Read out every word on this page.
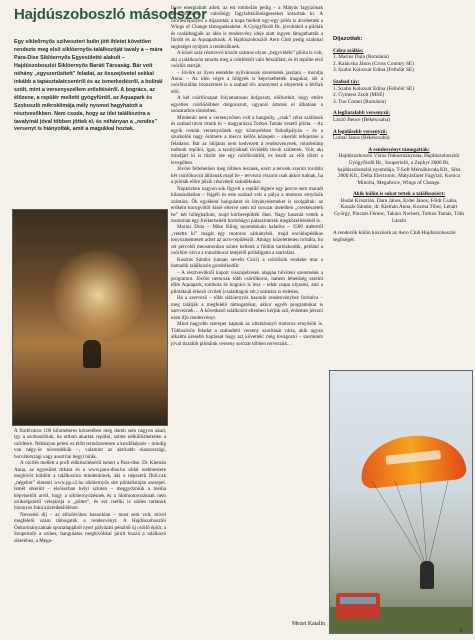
Hajdúszoboszló másodszor
Egy sikleőrnyős szilveszteri bulin jött ihletet követően rendezte meg első siklóernyős-találkozóját tavaly a – mára Para-Dise Siklóernyős Egyesületté alakult – Hajdúszoboszlói Siklóernyős Baráti Társaság. Bár volt néhány „egyszerűsített” feladat, az összejövetel sekkal inkább a tapasztalatcseréről és az ismerkedésről, a bulinál szólt, mint a versenyszellem erősítéséről. A bogrács, az élőzene, a repülér melletti gyógyfürdő, az Aquapark és Szoboszló mikroklímája mély nyomot hagyhatott a résztvevőkben. Nem csoda, hogy az idei találkozóra a tavalyinál jóval többen jöttek el, és néhányan a „rendes” versenyt is hiányolták, amit a magukkal hoztak.

A fürdőváros 100 kilométeres körzetében még domb sem nagyon akad, így a szoboszlóiak, ha otthon akartak repülni, szinte nélkülözhetetlen a csörlésre. Néhányan pelesi ez előtt termőszeresen a kezdőképzés – mindig van négy-öt növendékük –, valamint az aktívabb olaszországi, horvátországi vagy ausztriai hegyi túrák.

A csörlés mellett a profi előkészítéséről ismert a Para-dise. Dr. Klemán Anna, az egyesület titkára és a www.para-dise.hu oldal webmestere meghívót küldött a találkozóra mindenkinek, aki a népszerű ffoli.cak „négeliot” elmenti www.pp.c2.hu siklóernyős site pilótalistáján szerepel. Ismét sikerült – elsősorban helyi szinten – meggyőzniük a média képviselőit arról, hogy a siklóernyőzésnek és a hímmotorozásnak nem szükségszerű velejárója a „pöttet”, és ezt csellki is széles tartanuk bizonyos fokú közérdeklődésre.

Nevezési díj – az előzőévihez hasonlóan – most sem volt, mivel megfelelő szám támogatók a rendezvényt. A Hajdúszoboszlói Önkormányzatnak sportalapjából nyert pályázati pénzből új csörlő épült, a Szuperinfó a színes, hangulatos meghívókkal járult hozzá a találkozó sikeréhez, a Mega-

force energiaitalt adott, az est tombolán pedig – a Mátyás fagyizónak köszönhetően – valódiúgy fagylaltkülönlegesseket sorsoltak ki. A csörlésrepülyen a díjazottak a kapa mellett egy-egy pólót is átvehettek a Wings of Change támogatásaként. A Gyógyfürdő Rt. jóvoltából a pilóták és családtagjaik az idén is rendezvény ideje alatt ingyen látogathatták a fürdőt és az Aquaparknak. A Hajdúszoboszlói Aero Club pedig szakmai segítséget nyújtott a rendezőknek.

A közel száz résztvevő között számos olyan „hegyvidéki” pilóta is volt, aki a találkozón tanulta meg a csörlésből való felszállást, és itt repülte első csörlős startját.

– Jövőre az ilyen esetekbe nyilvánosak szeretnénk javítani – mondja Anna. – Az idén végre a hölgyek is képviseltették magukat, sőt a csörlőszállás bronzérmét is a szabad tőv anonymet a elnyerték a férfiak elől.

A két csörlőcsapat folyamatosan dolgozott, előfordult, hogy ettőre egyetlen csörlődöbbet dolgorozott, ugyanis ártotok el álhatóan a szózatarbos tömörben.

Mindenki nem a versenyzősen volt a hangsúly, „csak” célra szállások és szabad távot írtunk ki – magyarázza Torkos Tamás vezető pilóta. – Az egyik román versenyzőnek egy könnyebben futballpályán – és a szurkolók nagy örömére a meccs kellős közepén – sikerült lefejeznie a feladatot. Bár az időjárás nem kedvezett a rendezvénynek, mindenünp tudtunk repülni, igaz, a tavalyiaknál rövidebb távok születtek. Volt, aki mindjárt ki is tűzött ide egy csörlőcsörlőt, és kezdi az előt tölött a levegőben.

Jövőre feltehetően még többen lesznek, ezért a terveik szerint további két csörlőkocsit állítanak majd be – tervezni viszont csak akkor tudnak, ha a pilóták előre jelzik részvételi szándékukat.

Napközben nagyon sok figyelt a repülő légtere egy percre sem maradt kihasználatlan – fejgéll és este szabad volt a pálya a motoros ernyősök számára. Ők egyéként hangulatot és látványelemeket is szolgáltak: az erőként korogvőtől kissé elterve nem túl sorozat útetelben „cserkészétek be” két hőlégballont, majd körberepülték őket. Nagy hasznát vették a motornak egy freikernedéti hortobágyi palaszíntezek megközelítésénél is.

Marius Duta – Mike Kling nyomdokain haladva – 1500 méterről „vetette ki” magát egy motoros sárkányból, majd enciklopédikus lenyozmentetett adott az acro-repülésről. Amúgy közelettenen irritálta, hu ott percoldi meosmonban szinte kellenk a földön tartózkodók, például a csörlőre várva a tranzitkocsi tetejéről próbálgatta a startolást.

Kasztás Sándor (unnan seveln Csici) a csörlősök rendeke mar a hamadik találkozón gondolkodik:

– A résztvevőktől kapott visszajelzések alapján bővíteni szeretnénk a programot. Jövőre nemcsak több csörlőkocsi, hanem lehetőség szerint több Aquapark, tombola és bogrács is lesz – tehát csapa olyasmi, ami a pilótáknál érkező civilek (családtagok stb.) számára is érdekes.

Ha a szervező – több siklóernyős hasonló rendezvényhez fordulva – meg találják a megfelelő támogatókat, akkor egyéb programokat is szerveznek… A következő találkozót ellenben kérjük sző, érdemes jelezni ezen ifjú rendezvényt.

Mind nagyobb szerepet kapnak az ultrakönnyű motoros ernyősök is. Többszörös feladat a szabadtéri verseny szorítását várta, akik ugyan alkalmi üresebb hajtással hogy azt követték: még lovagozni – szerintem jóval tisztább pilótáink verseny sorozat többen tervezzük…

Díjazottak:
Célra szállás:
1. Marius Duta (Románia)
2. Kalácska János (Cross Country SE)
3. Szabó Kolozsár Edina (Felhőút SE)
Szabad táv:
1. Szabó Kolozsár Edina (Felhőút SE)
2. Gyimesi Zsolt (MSE)
3. Tuu Comel (Románia)
A legfiatalabb versenyző:
Laczó Bence (Békéscsaba)
A legidősebb versenyző:
Lontai János (Békéscsaba)
A rendezvényt támogatták:
Hajdúszoboszló Város Önkormányzata, Hajdúszoboszlói Gyógyfürdő Rt., Szuperinfó, a Zephyr 2000 Bt, hajdúszoboszlói nyomdája, T-Soft Mérnökiroda Kft., Siba 2000 Kft., Delta Electronic, Mátyásfarer Fagyizó, Konica Minolta, Megaforce, Wings of Change.
Akik külön is sokat tettek a találkozóért:
Budai Krisztián, Daru János, Erdei János, Földi Csaba, Kaszás Sándor, dr. Klemán Anna, Kozma Tibor, Lénárt György, Pinczés Ferenc, Takács Norbert, Torkos Tamás, Tóth László
A rendezők külön köszönik az Aero Club Hajdúszoboszló segítségét.
Mezei Katalin
3
